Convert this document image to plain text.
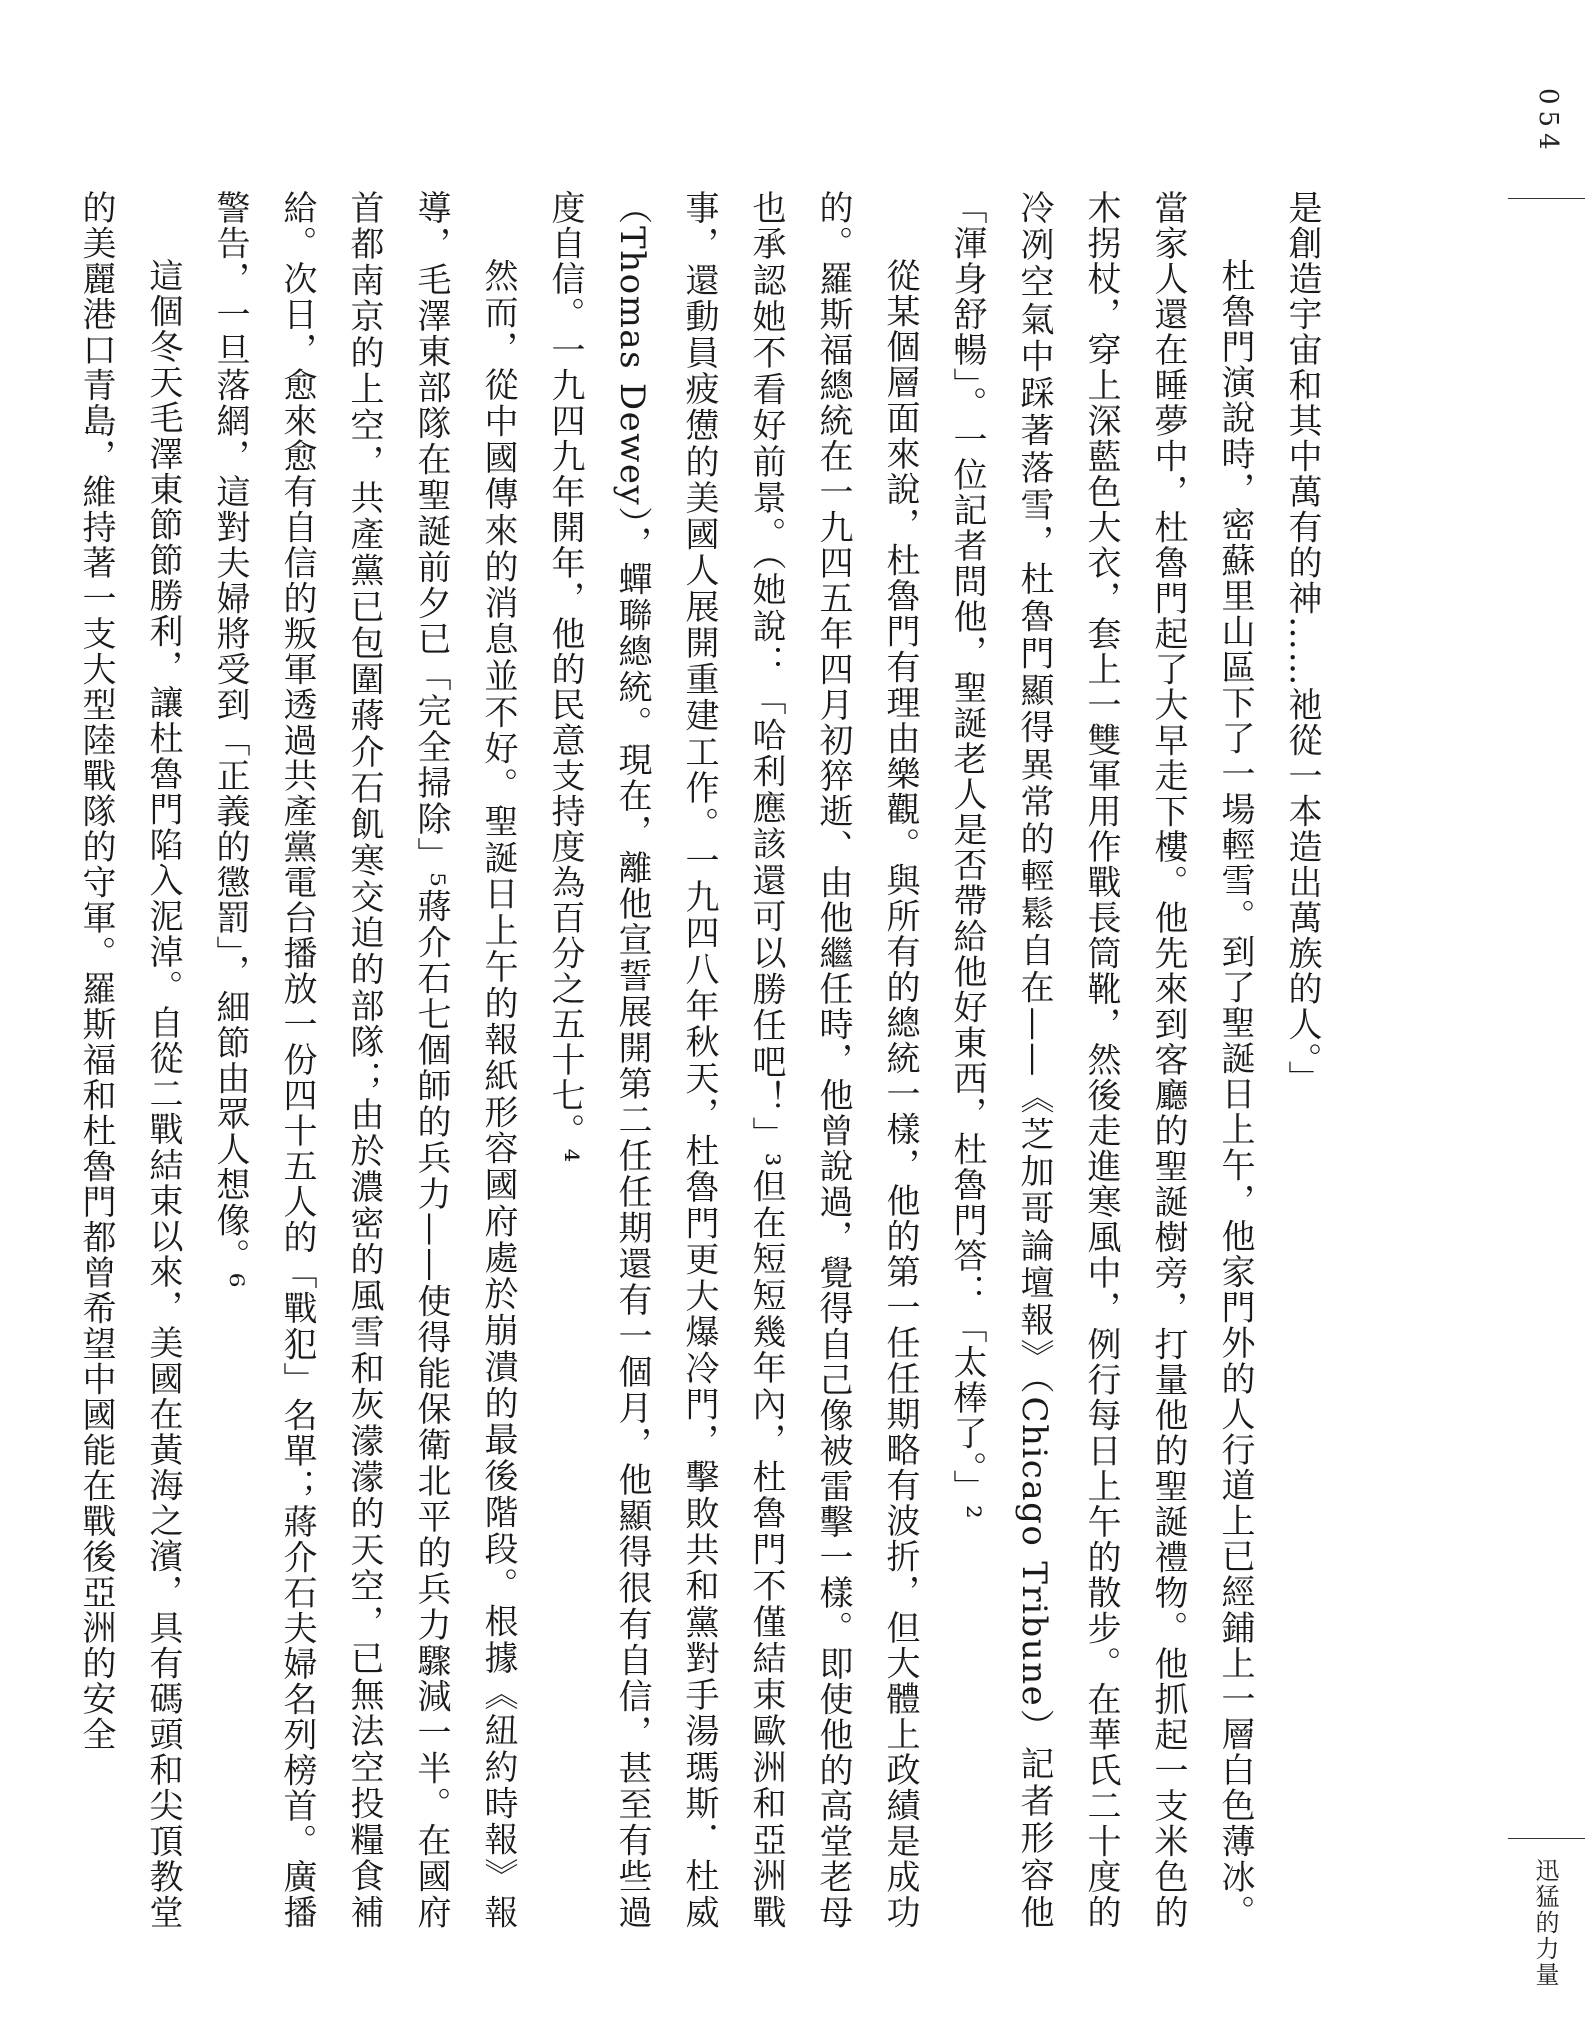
是創造宇宙和其中萬有的神……祂從一本造出萬族的人。」

杜魯門演說時，密蘇里山區下了一場輕雪。到了聖誕日上午，他家門外的人行道上已經鋪上一層白色薄冰。當家人還在睡夢中，杜魯門起了大早走下樓。他先來到客廳的聖誕樹旁，打量他的聖誕禮物。他抓起一支米色的木拐杖，穿上深藍色大衣，套上一雙軍用作戰長筒靴，然後走進寒風中，例行每日上午的散步。在華氏二十度的冷冽空氣中踩著落雪，杜魯門顯得異常的輕鬆自在——《芝加哥論壇報》（Chicago Tribune）記者形容他「渾身舒暢」。一位記者問他，聖誕老人是否帶給他好東西，杜魯門答：「太棒了。」²

從某個層面來說，杜魯門有理由樂觀。與所有的總統一樣，他的第一任任期略有波折，但大體上政績是成功的。羅斯福總統在一九四五年四月初猝逝、由他繼任時，他曾說過，覺得自己像被雷擊一樣。即使他的高堂老母也承認她不看好前景。（她說：「哈利應該還可以勝任吧！」³但在短短幾年內，杜魯門不僅結束歐洲和亞洲戰事，還動員疲憊的美國人展開重建工作。一九四八年秋天，杜魯門更大爆冷門，擊敗共和黨對手湯瑪斯．杜威（Thomas Dewey），蟬聯總統。現在，離他宣誓展開第二任任期還有一個月，他顯得很有自信，甚至有些過度自信。一九四九年開年，他的民意支持度為百分之五十七。⁴

然而，從中國傳來的消息並不好。聖誕日上午的報紙形容國府處於崩潰的最後階段。根據《紐約時報》報導，毛澤東部隊在聖誕前夕已「完全掃除」⁵蔣介石七個師的兵力——使得能保衛北平的兵力驟減一半。在國府首都南京的上空，共產黨已包圍蔣介石飢寒交迫的部隊；由於濃密的風雪和灰濛濛的天空，已無法空投糧食補給。次日，愈來愈有自信的叛軍透過共產黨電台播放一份四十五人的「戰犯」名單；蔣介石夫婦名列榜首。廣播警告，一旦落網，這對夫婦將受到「正義的懲罰」，細節由眾人想像。⁶

這個冬天毛澤東節節勝利，讓杜魯門陷入泥淖。自從二戰結束以來，美國在黃海之濱，具有碼頭和尖頂教堂的美麗港口青島，維持著一支大型陸戰隊的守軍。羅斯福和杜魯門都曾希望中國能在戰後亞洲的安全

054
迅猛的力量
